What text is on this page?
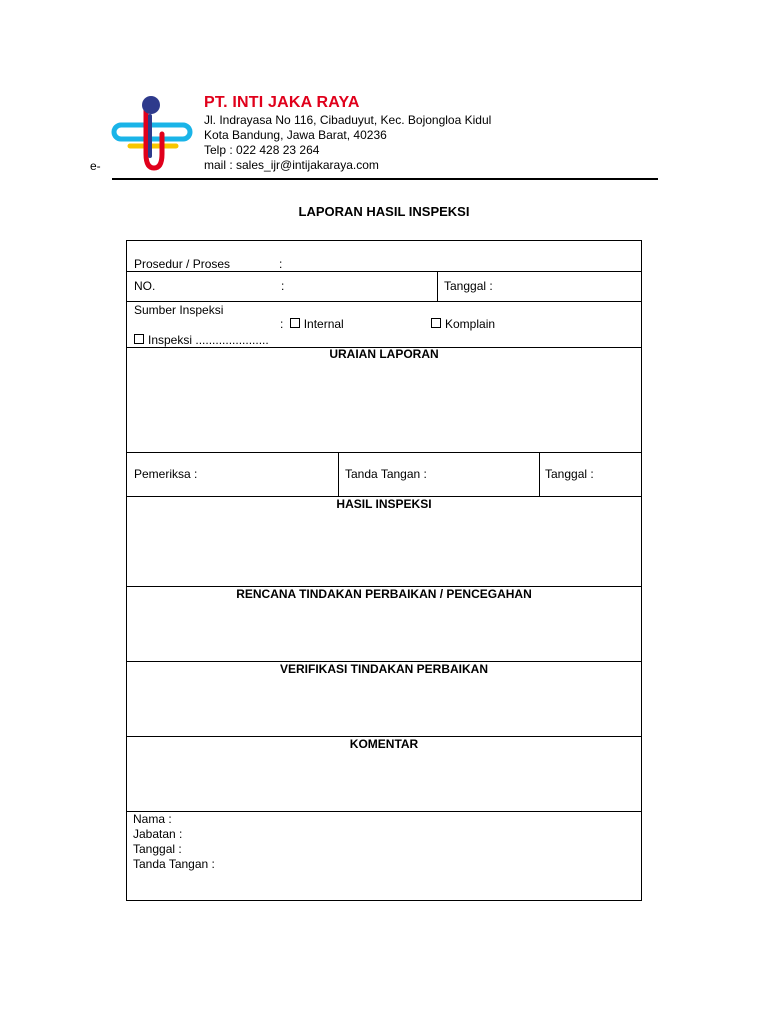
PT. INTI JAKA RAYA
Jl. Indrayasa No 116, Cibaduyut, Kec. Bojongloa Kidul
Kota Bandung, Jawa Barat, 40236
Telp : 022 428 23 264
mail : sales_ijr@intijakaraya.com
e-
LAPORAN HASIL INSPEKSI
Prosedur / Proses	:
NO.	:	Tanggal :
Sumber Inspeksi
: Internal	Komplain
Inspeksi ......................
URAIAN LAPORAN
Pemeriksa :	Tanda Tangan :	Tanggal :
HASIL INSPEKSI
RENCANA TINDAKAN PERBAIKAN / PENCEGAHAN
VERIFIKASI TINDAKAN PERBAIKAN
KOMENTAR
Nama :
Jabatan :
Tanggal :
Tanda Tangan :
